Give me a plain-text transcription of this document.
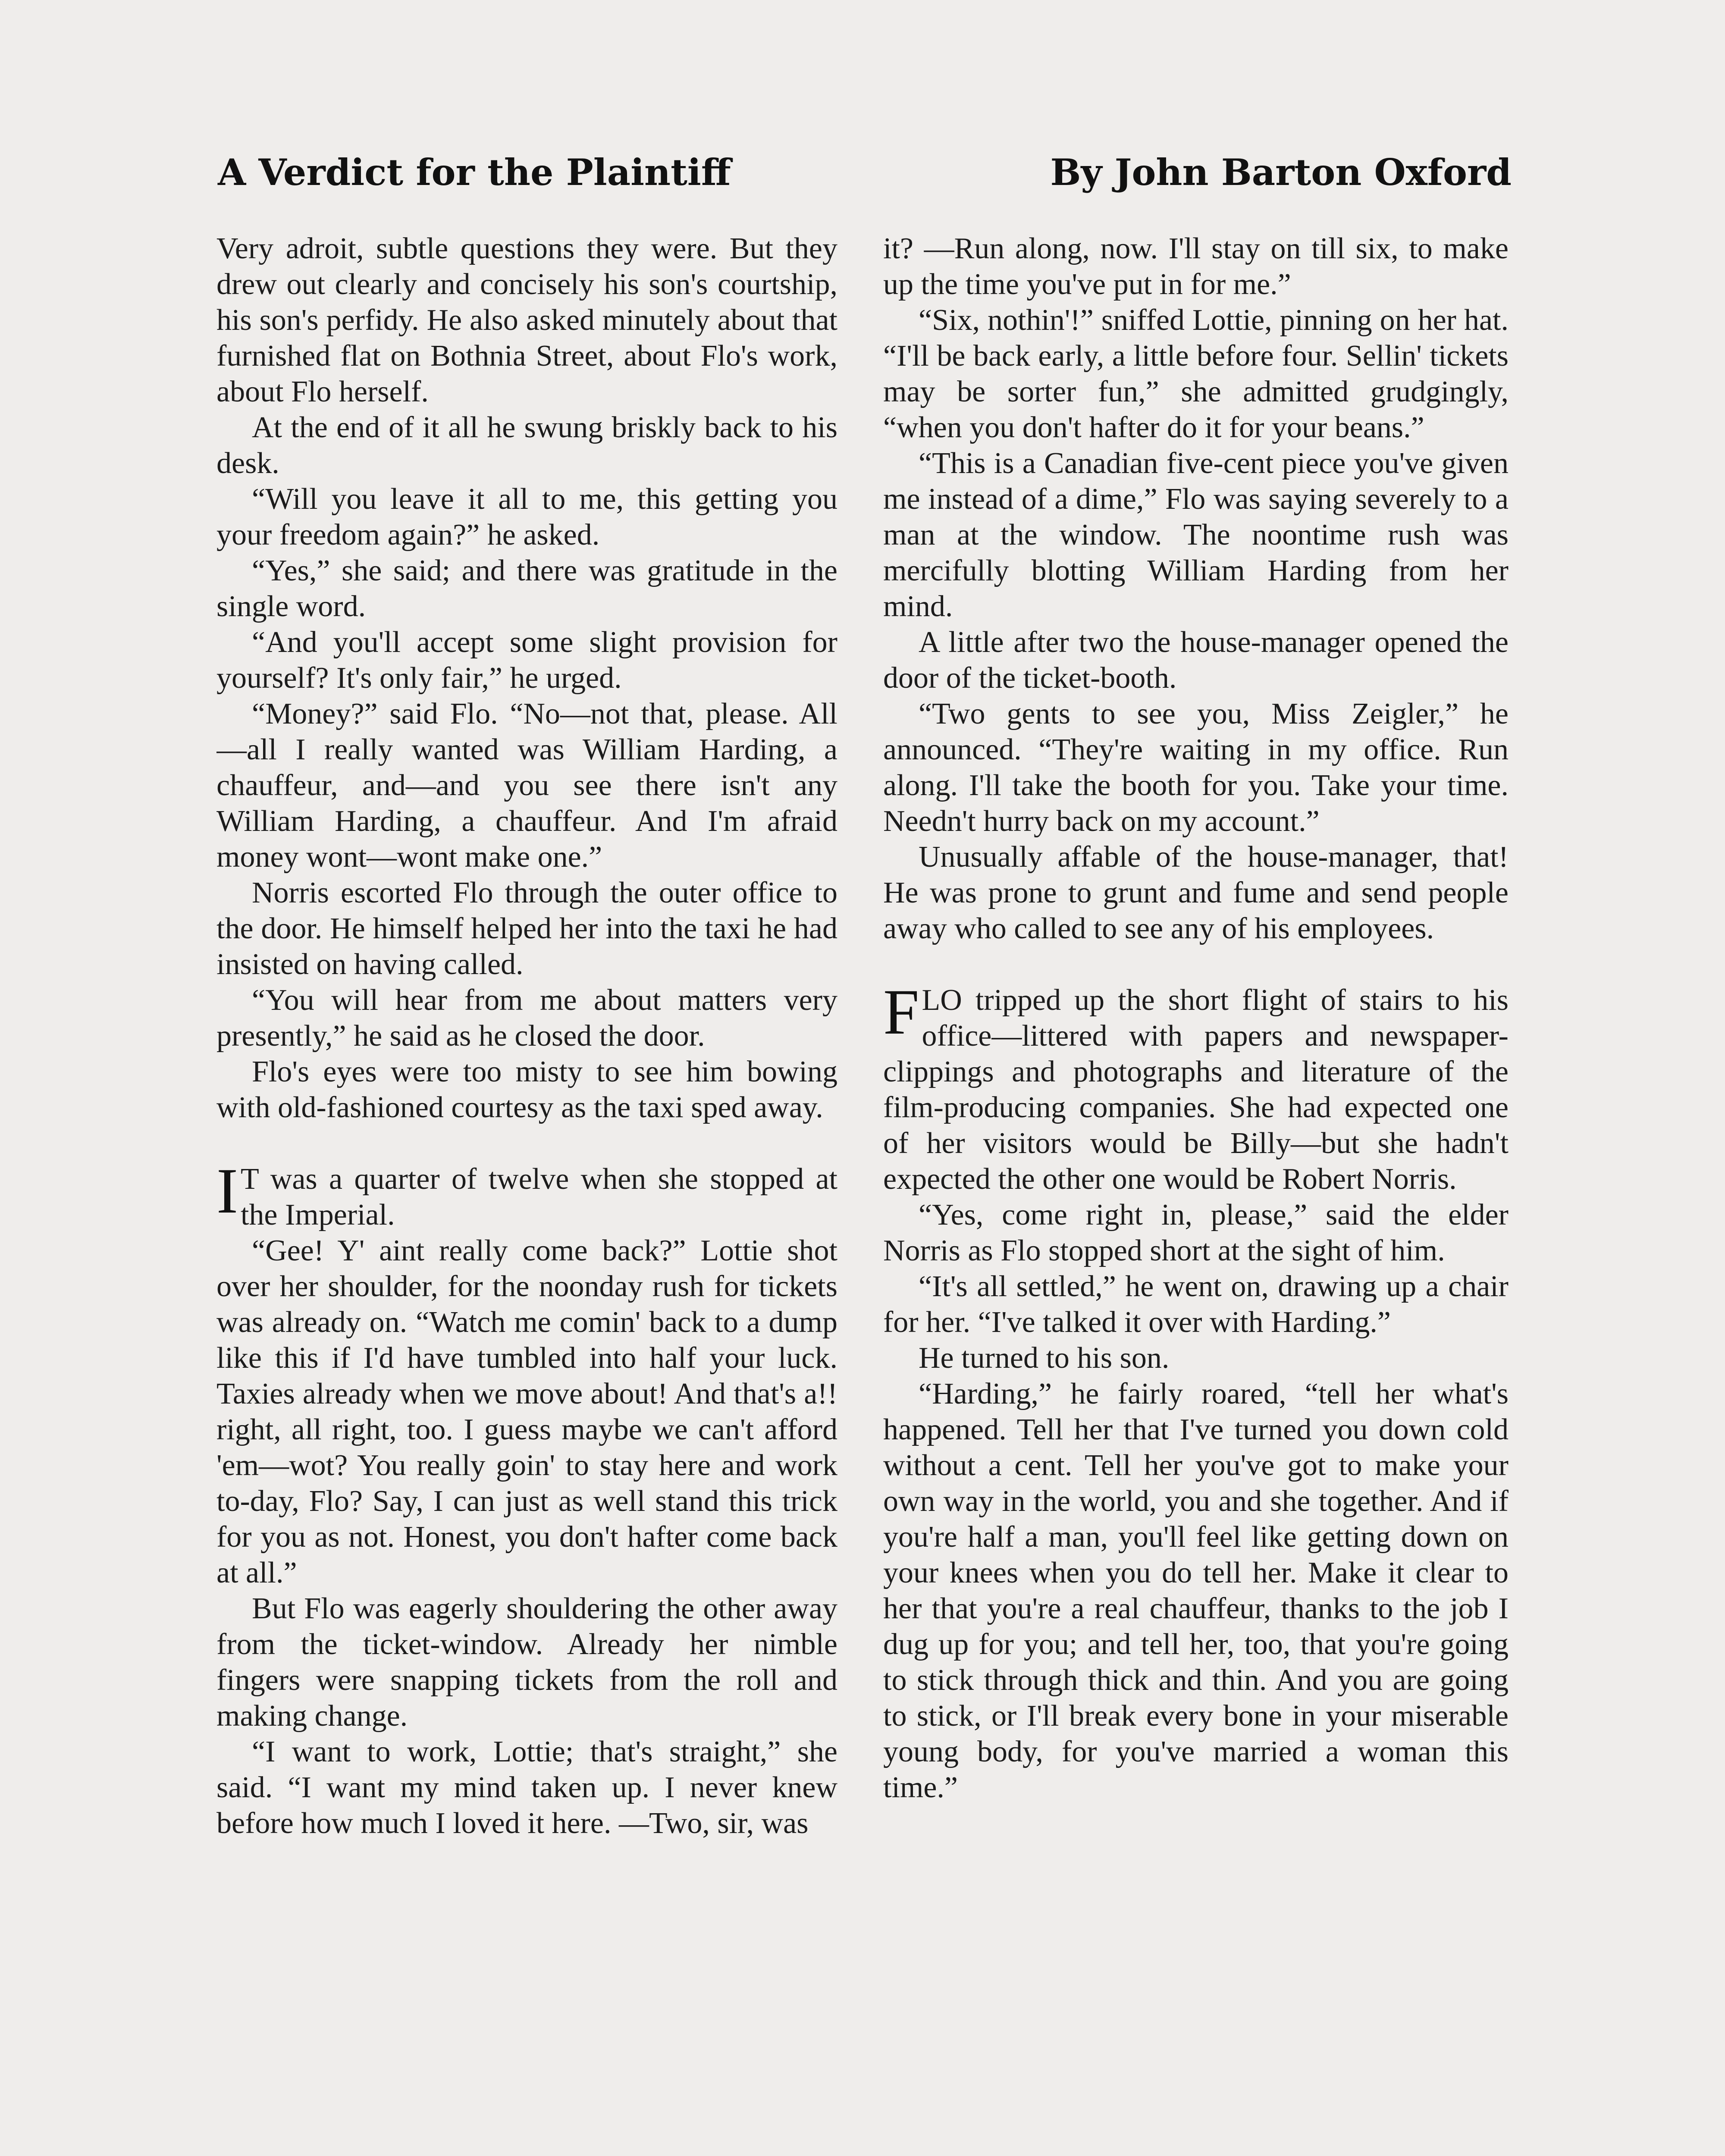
A Verdict for the Plaintiff	By John Barton Oxford

Very adroit, subtle questions they were. But they drew out clearly and concisely his son's courtship, his son's perfidy. He also asked minutely about that furnished flat on Bothnia Street, about Flo's work, about Flo herself.

At the end of it all he swung briskly back to his desk.

“Will you leave it all to me, this getting you your freedom again?” he asked.

“Yes,” she said; and there was gratitude in the single word.

“And you'll accept some slight provision for yourself? It's only fair,” he urged.

“Money?” said Flo. “No—not that, please. All—all I really wanted was William Harding, a chauffeur, and—and you see there isn't any William Harding, a chauffeur. And I'm afraid money wont—wont make one.”

Norris escorted Flo through the outer office to the door. He himself helped her into the taxi he had insisted on having called.

“You will hear from me about matters very presently,” he said as he closed the door.

Flo's eyes were too misty to see him bowing with old-fashioned courtesy as the taxi sped away.

I T was a quarter of twelve when she stopped at the Imperial.

“Gee! Y' aint really come back?” Lottie shot over her shoulder, for the noonday rush for tickets was already on. “Watch me comin' back to a dump like this if I'd have tumbled into half your luck. Taxies already when we move about! And that's a!! right, all right, too. I guess maybe we can't afford 'em—wot? You really goin' to stay here and work to-day, Flo? Say, I can just as well stand this trick for you as not. Honest, you don't hafter come back at all.”

But Flo was eagerly shouldering the other away from the ticket-window. Already her nimble fingers were snapping tickets from the roll and making change.

“I want to work, Lottie; that's straight,” she said. “I want my mind taken up. I never knew before how much I loved it here. —Two, sir, was

it? —Run along, now. I'll stay on till six, to make up the time you've put in for me.”

“Six, nothin'!” sniffed Lottie, pinning on her hat. “I'll be back early, a little before four. Sellin' tickets may be sorter fun,” she admitted grudgingly, “when you don't hafter do it for your beans.”

“This is a Canadian five-cent piece you've given me instead of a dime,” Flo was saying severely to a man at the window. The noontime rush was mercifully blotting William Harding from her mind.

A little after two the house-manager opened the door of the ticket-booth.

“Two gents to see you, Miss Zeigler,” he announced. “They're waiting in my office. Run along. I'll take the booth for you. Take your time. Needn't hurry back on my account.”

Unusually affable of the house-manager, that! He was prone to grunt and fume and send people away who called to see any of his employees.

FLO tripped up the short flight of stairs to his office—littered with papers and newspaper-clippings and photographs and literature of the film-producing companies. She had expected one of her visitors would be Billy—but she hadn't expected the other one would be Robert Norris.

“Yes, come right in, please,” said the elder Norris as Flo stopped short at the sight of him.

“It's all settled,” he went on, drawing up a chair for her. “I've talked it over with Harding.”

He turned to his son.

“Harding,” he fairly roared, “tell her what's happened. Tell her that I've turned you down cold without a cent. Tell her you've got to make your own way in the world, you and she together. And if you're half a man, you'll feel like getting down on your knees when you do tell her. Make it clear to her that you're a real chauffeur, thanks to the job I dug up for you; and tell her, too, that you're going to stick through thick and thin. And you are going to stick, or I'll break every bone in your miserable young body, for you've married a woman this time.”
